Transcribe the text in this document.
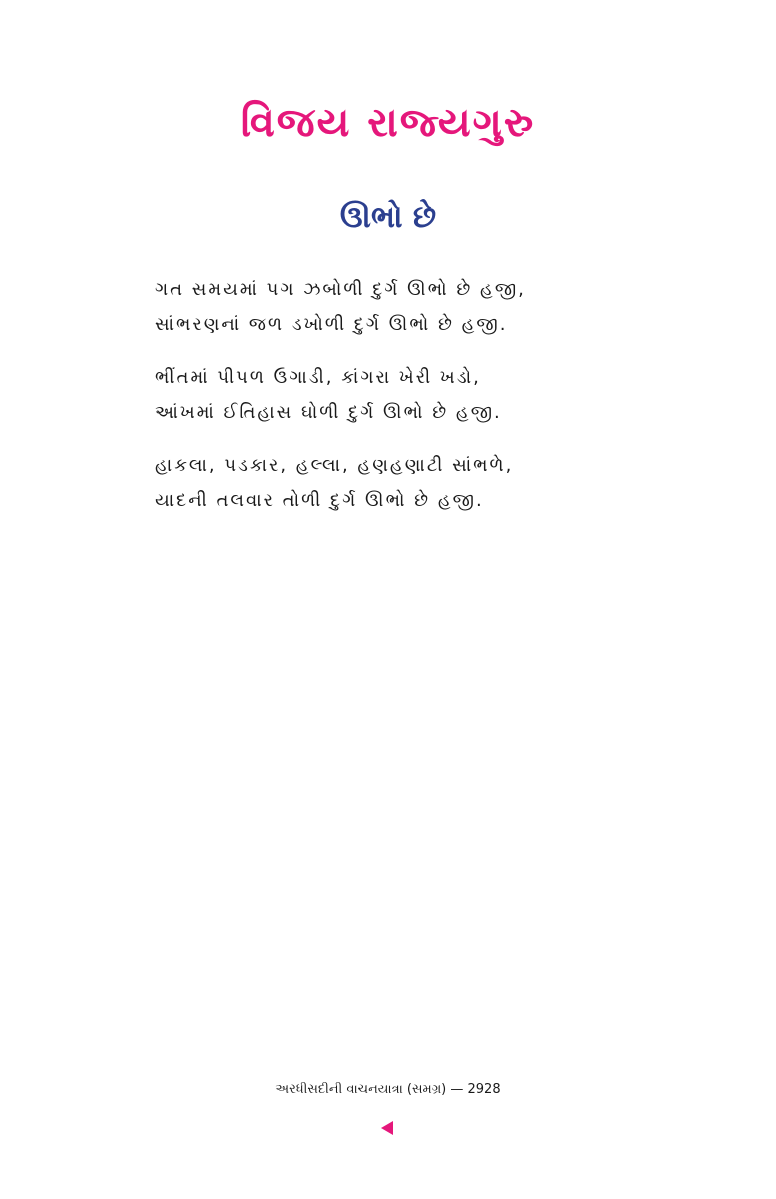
વિજય રાજ્યગુરુ
ઊભો છે
ગત સમયમાં પગ ઝબોળી દુર્ગ ઊભો છે હજી,
સાંભરણનાં જળ ડખોળી દુર્ગ ઊભો છે હજી.
ભીંતમાં પીપળ ઉગાડી, કાંગરા ખેરી ખડો,
આંખમાં ઈતિહાસ ઘોળી દુર્ગ ઊભો છે હજી.
હાકલા, પડકાર, હલ્લા, હણહણાટી સાંભળે,
યાદની તલવાર તોળી દુર્ગ ઊભો છે હજી.
અરધીસદીની વાચનયાત્રા (સમગ્ર) — 2928
